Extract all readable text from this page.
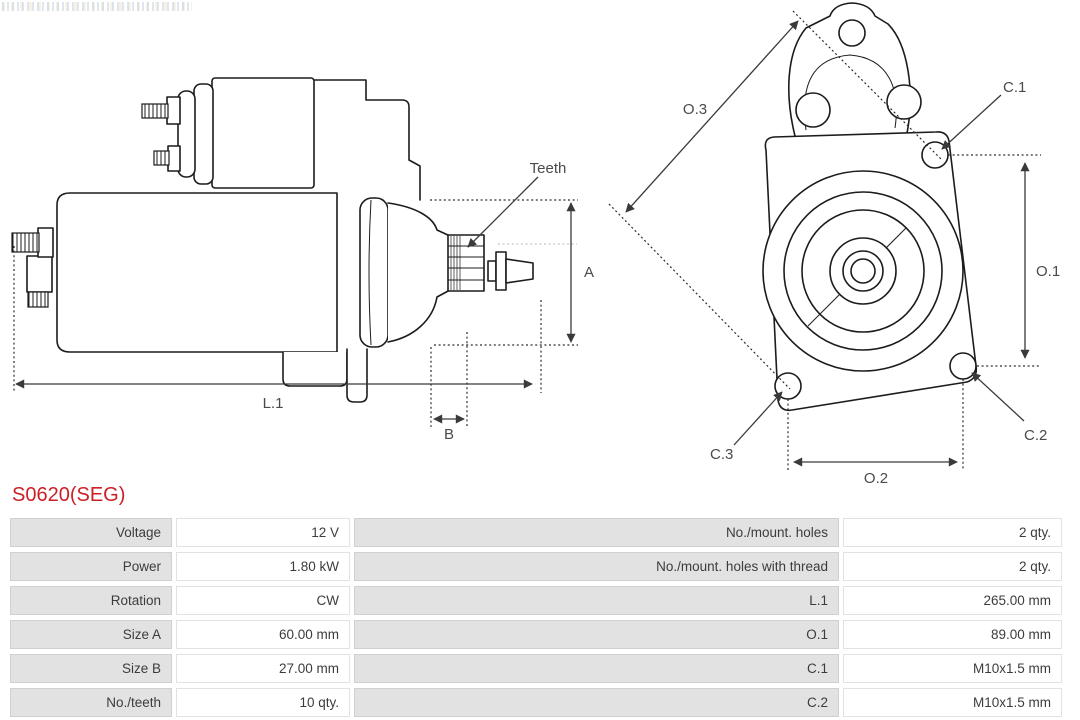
Teeth
A
L.1
B
O.3
O.1
O.2
C.1
C.2
C.3
S0620(SEG)
Voltage	12 V	No./mount. holes	2 qty.
Power	1.80 kW	No./mount. holes with thread	2 qty.
Rotation	CW	L.1	265.00 mm
Size A	60.00 mm	O.1	89.00 mm
Size B	27.00 mm	C.1	M10x1.5 mm
No./teeth	10 qty.	C.2	M10x1.5 mm
